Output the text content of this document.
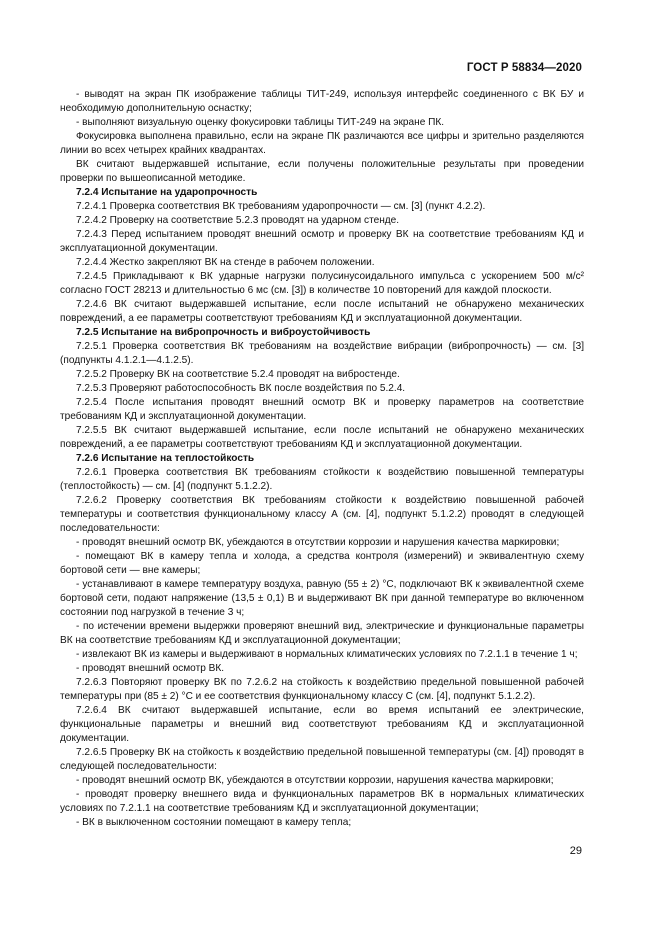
ГОСТ Р 58834—2020

- выводят на экран ПК изображение таблицы ТИТ-249, используя интерфейс соединенного с ВК БУ и необходимую дополнительную оснастку;

- выполняют визуальную оценку фокусировки таблицы ТИТ-249 на экране ПК.

Фокусировка выполнена правильно, если на экране ПК различаются все цифры и зрительно разделяются линии во всех четырех крайних квадрантах.

ВК считают выдержавшей испытание, если получены положительные результаты при проведении проверки по вышеописанной методике.

7.2.4 Испытание на ударопрочность

7.2.4.1 Проверка соответствия ВК требованиям ударопрочности — см. [3] (пункт 4.2.2).

7.2.4.2 Проверку на соответствие 5.2.3 проводят на ударном стенде.

7.2.4.3 Перед испытанием проводят внешний осмотр и проверку ВК на соответствие требованиям КД и эксплуатационной документации.

7.2.4.4 Жестко закрепляют ВК на стенде в рабочем положении.

7.2.4.5 Прикладывают к ВК ударные нагрузки полусинусоидального импульса с ускорением 500 м/с² согласно ГОСТ 28213 и длительностью 6 мс (см. [3]) в количестве 10 повторений для каждой плоскости.

7.2.4.6 ВК считают выдержавшей испытание, если после испытаний не обнаружено механических повреждений, а ее параметры соответствуют требованиям КД и эксплуатационной документации.

7.2.5 Испытание на вибропрочность и виброустойчивость

7.2.5.1 Проверка соответствия ВК требованиям на воздействие вибрации (вибропрочность) — см. [3] (подпункты 4.1.2.1—4.1.2.5).

7.2.5.2 Проверку ВК на соответствие 5.2.4 проводят на вибростенде.

7.2.5.3 Проверяют работоспособность ВК после воздействия по 5.2.4.

7.2.5.4 После испытания проводят внешний осмотр ВК и проверку параметров на соответствие требованиям КД и эксплуатационной документации.

7.2.5.5 ВК считают выдержавшей испытание, если после испытаний не обнаружено механических повреждений, а ее параметры соответствуют требованиям КД и эксплуатационной документации.

7.2.6 Испытание на теплостойкость

7.2.6.1 Проверка соответствия ВК требованиям стойкости к воздействию повышенной температуры (теплостойкость) — см. [4] (подпункт 5.1.2.2).

7.2.6.2 Проверку соответствия ВК требованиям стойкости к воздействию повышенной рабочей температуры и соответствия функциональному классу А (см. [4], подпункт 5.1.2.2) проводят в следующей последовательности:

- проводят внешний осмотр ВК, убеждаются в отсутствии коррозии и нарушения качества маркировки;

- помещают ВК в камеру тепла и холода, а средства контроля (измерений) и эквивалентную схему бортовой сети — вне камеры;

- устанавливают в камере температуру воздуха, равную (55 ± 2) °С, подключают ВК к эквивалентной схеме бортовой сети, подают напряжение (13,5 ± 0,1) В и выдерживают ВК при данной температуре во включенном состоянии под нагрузкой в течение 3 ч;

- по истечении времени выдержки проверяют внешний вид, электрические и функциональные параметры ВК на соответствие требованиям КД и эксплуатационной документации;

- извлекают ВК из камеры и выдерживают в нормальных климатических условиях по 7.2.1.1 в течение 1 ч;

- проводят внешний осмотр ВК.

7.2.6.3 Повторяют проверку ВК по 7.2.6.2 на стойкость к воздействию предельной повышенной рабочей температуры при (85 ± 2) °С и ее соответствия функциональному классу С (см. [4], подпункт 5.1.2.2).

7.2.6.4 ВК считают выдержавшей испытание, если во время испытаний ее электрические, функциональные параметры и внешний вид соответствуют требованиям КД и эксплуатационной документации.

7.2.6.5 Проверку ВК на стойкость к воздействию предельной повышенной температуры (см. [4]) проводят в следующей последовательности:

- проводят внешний осмотр ВК, убеждаются в отсутствии коррозии, нарушения качества маркировки;

- проводят проверку внешнего вида и функциональных параметров ВК в нормальных климатических условиях по 7.2.1.1 на соответствие требованиям КД и эксплуатационной документации;

- ВК в выключенном состоянии помещают в камеру тепла;

29
